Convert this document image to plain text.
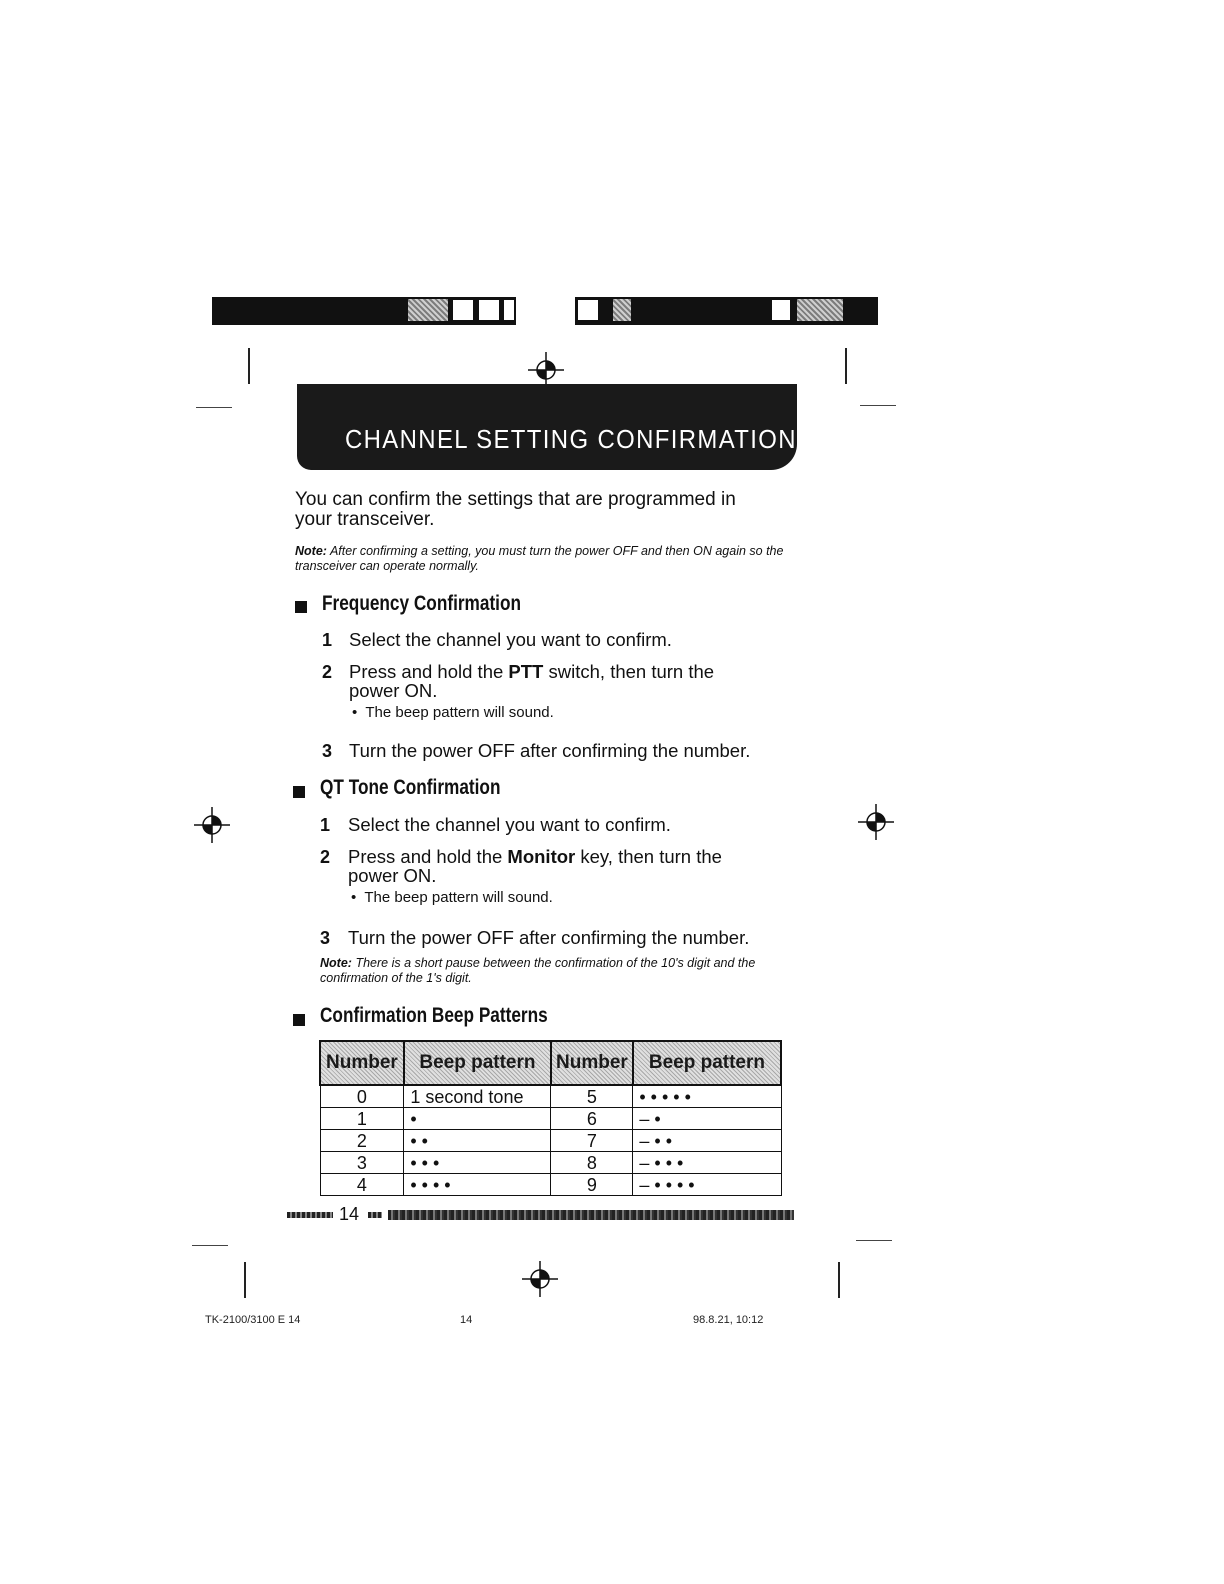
CHANNEL SETTING CONFIRMATION
You can confirm the settings that are programmed in your transceiver.
Note: After confirming a setting, you must turn the power OFF and then ON again so the transceiver can operate normally.
Frequency Confirmation
1 Select the channel you want to confirm.
2 Press and hold the PTT switch, then turn the power ON.
• The beep pattern will sound.
3 Turn the power OFF after confirming the number.
QT Tone Confirmation
1 Select the channel you want to confirm.
2 Press and hold the Monitor key, then turn the power ON.
• The beep pattern will sound.
3 Turn the power OFF after confirming the number.
Note: There is a short pause between the confirmation of the 10's digit and the confirmation of the 1's digit.
Confirmation Beep Patterns
Number	Beep pattern	Number	Beep pattern
0	1 second tone	5	• • • • •
1	•	6	– •
2	• •	7	– • •
3	• • •	8	– • • •
4	• • • •	9	– • • • •
14
TK-2100/3100 E 14	14	98.8.21, 10:12
